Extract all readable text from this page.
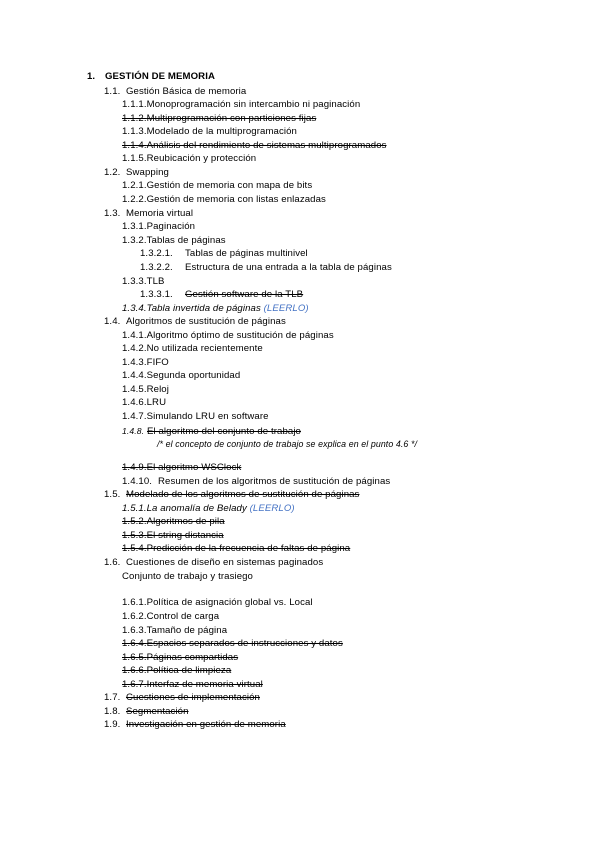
1. GESTIÓN DE MEMORIA
1.1. Gestión Básica de memoria
1.1.1.Monoprogramación sin intercambio ni paginación
1.1.2.Multiprogramación con particiones fijas
1.1.3.Modelado de la multiprogramación
1.1.4.Análisis del rendimiento de sistemas multiprogramados
1.1.5.Reubicación y protección
1.2. Swapping
1.2.1.Gestión de memoria con mapa de bits
1.2.2.Gestión de memoria con listas enlazadas
1.3. Memoria virtual
1.3.1.Paginación
1.3.2.Tablas de páginas
1.3.2.1. Tablas de páginas multinivel
1.3.2.2. Estructura de una entrada a la tabla de páginas
1.3.3.TLB
1.3.3.1. Gestión software de la TLB
1.3.4.Tabla invertida de páginas (LEERLO)
1.4. Algoritmos de sustitución de páginas
1.4.1.Algoritmo óptimo de sustitución de páginas
1.4.2.No utilizada recientemente
1.4.3.FIFO
1.4.4.Segunda oportunidad
1.4.5.Reloj
1.4.6.LRU
1.4.7.Simulando LRU en software
1.4.8. El algoritmo del conjunto de trabajo
/* el concepto de conjunto de trabajo se explica en el punto 4.6 */
1.4.9.El algoritmo WSClock
1.4.10. Resumen de los algoritmos de sustitución de páginas
1.5. Modelado de los algoritmos de sustitución de páginas
1.5.1.La anomalía de Belady (LEERLO)
1.5.2.Algoritmos de pila
1.5.3.El string distancia
1.5.4.Predicción de la frecuencia de faltas de página
1.6. Cuestiones de diseño en sistemas paginados
Conjunto de trabajo y trasiego
1.6.1.Política de asignación global vs. Local
1.6.2.Control de carga
1.6.3.Tamaño de página
1.6.4.Espacios separados de instrucciones y datos
1.6.5.Páginas compartidas
1.6.6.Política de limpieza
1.6.7.Interfaz de memoria virtual
1.7. Cuestiones de implementación
1.8. Segmentación
1.9. Investigación en gestión de memoria
